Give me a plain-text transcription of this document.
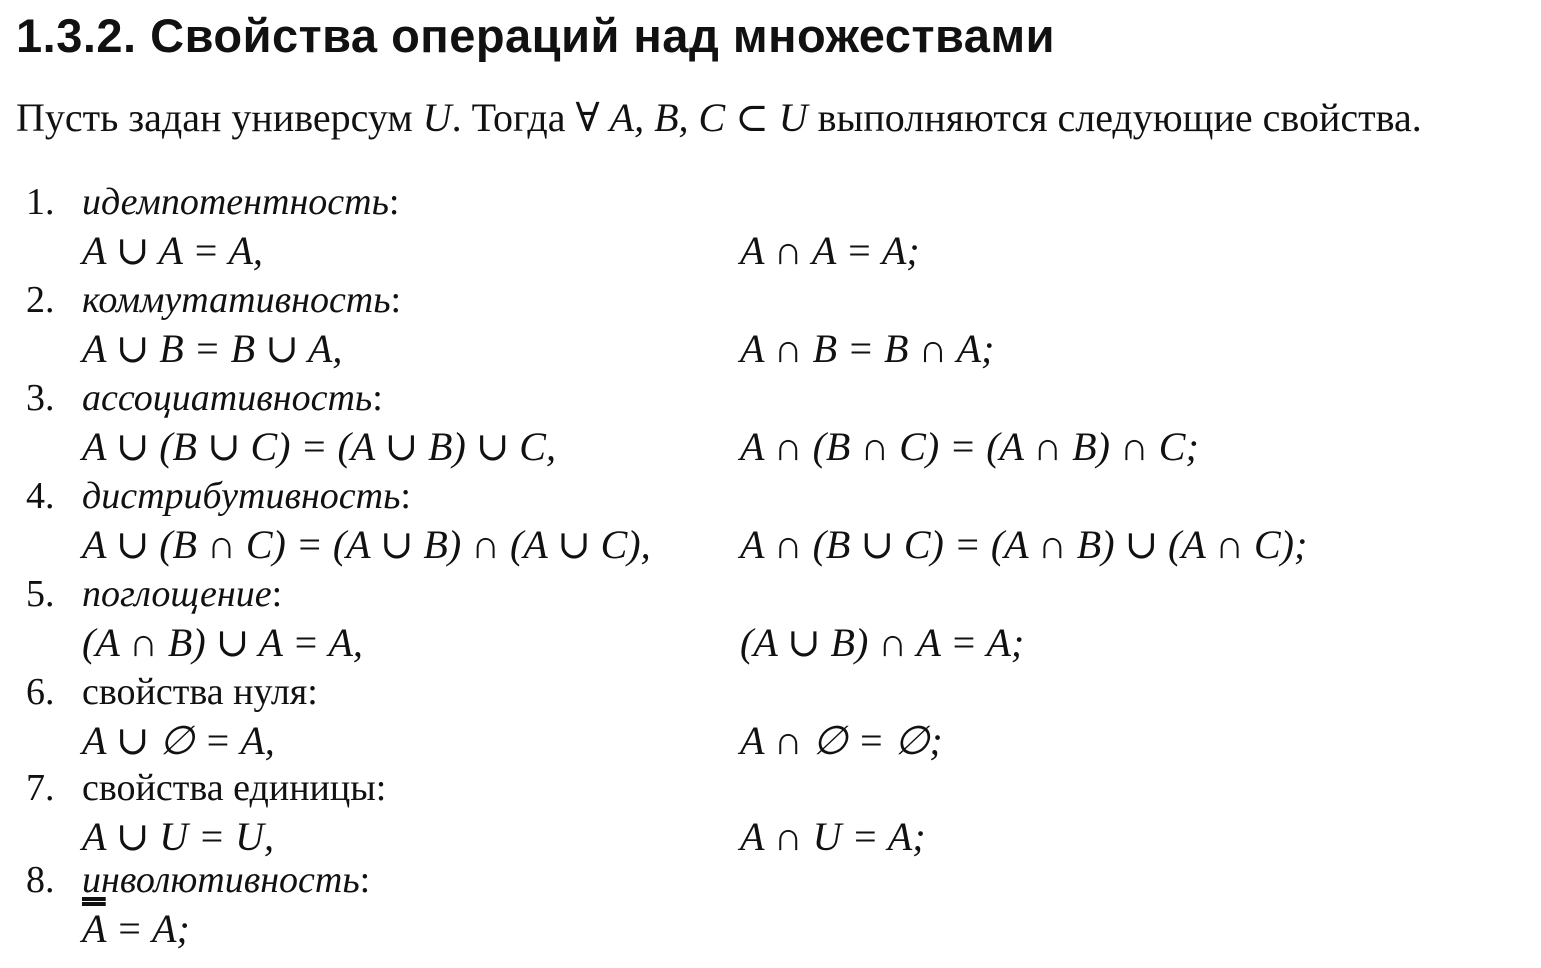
1.3.2. Свойства операций над множествами
Пусть задан универсум U. Тогда ∀ A, B, C ⊂ U выполняются следующие свойства.
1. идемпотентность:
A ∪ A = A,	A ∩ A = A;
2. коммутативность:
A ∪ B = B ∪ A,	A ∩ B = B ∩ A;
3. ассоциативность:
A ∪ (B ∪ C) = (A ∪ B) ∪ C,	A ∩ (B ∩ C) = (A ∩ B) ∩ C;
4. дистрибутивность:
A ∪ (B ∩ C) = (A ∪ B) ∩ (A ∪ C), A ∩ (B ∪ C) = (A ∩ B) ∪ (A ∩ C);
5. поглощение:
(A ∩ B) ∪ A = A,	(A ∪ B) ∩ A = A;
6. свойства нуля:
A ∪ ∅ = A,	A ∩ ∅ = ∅;
7. свойства единицы:
A ∪ U = U,	A ∩ U = A;
8. инволютивность:
A = A;
